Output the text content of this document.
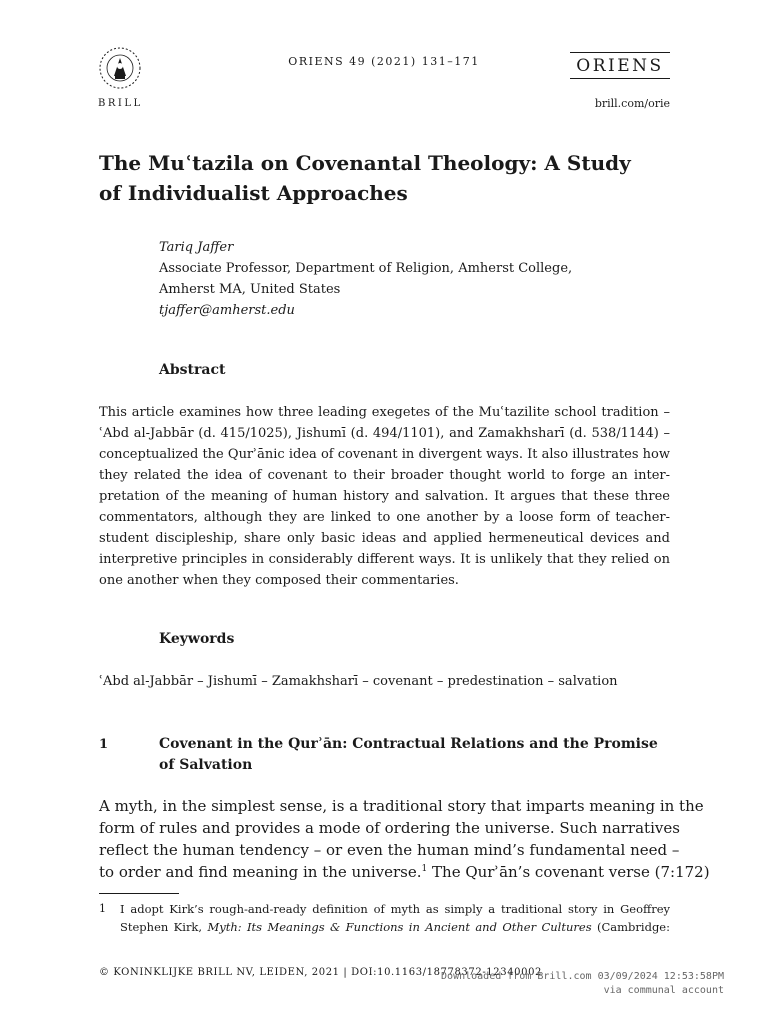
BRILL
ORIENS 49 (2021) 131–171	ORIENS
brill.com/orie
The Muʿtazila on Covenantal Theology: A Study
of Individualist Approaches
Tariq Jaffer
Associate Professor, Department of Religion, Amherst College,
Amherst MA, United States
tjaffer@amherst.edu
Abstract
This article examines how three leading exegetes of the Muʿtazilite school tradition –
ʿAbd al-Jabbār (d. 415/1025), Jishumī (d. 494/1101), and Zamakhsharī (d. 538/1144) –
conceptualized the Qurʾānic idea of covenant in divergent ways. It also illustrates how
they related the idea of covenant to their broader thought world to forge an inter-
pretation of the meaning of human history and salvation. It argues that these three
commentators, although they are linked to one another by a loose form of teacher-
student discipleship, share only basic ideas and applied hermeneutical devices and
interpretive principles in considerably different ways. It is unlikely that they relied on
one another when they composed their commentaries.
Keywords
ʿAbd al-Jabbār – Jishumī – Zamakhsharī – covenant – predestination – salvation
1	Covenant in the Qurʾān: Contractual Relations and the Promise
of Salvation
A myth, in the simplest sense, is a traditional story that imparts meaning in the
form of rules and provides a mode of ordering the universe. Such narratives
reflect the human tendency – or even the human mind’s fundamental need –
to order and find meaning in the universe.$^1$ The Qurʾān’s covenant verse (7:172)
1 I adopt Kirk’s rough-and-ready definition of myth as simply a traditional story in Geoffrey
Stephen Kirk, Myth: Its Meanings & Functions in Ancient and Other Cultures (Cambridge:
© KONINKLIJKE BRILL NV, LEIDEN, 2021 | DOI:10.1163/18778372-12340002
Downloaded from Brill.com 03/09/2024 12:53:58PM
via communal account
